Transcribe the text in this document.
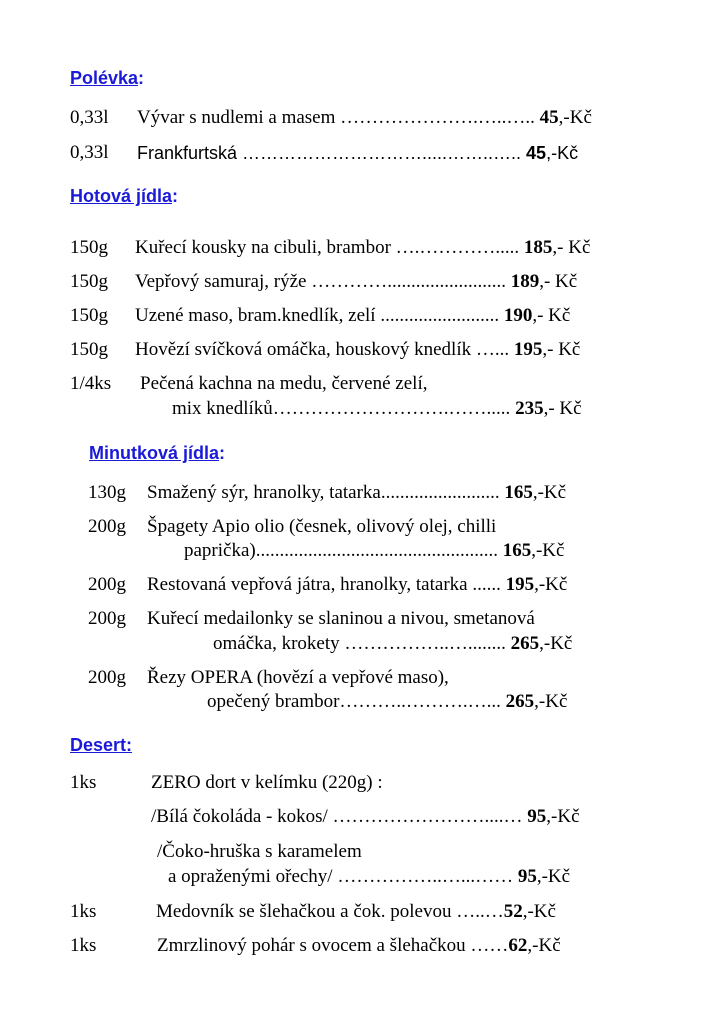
Polévka:
Hotová jídla:
Minutková jídla:
Desert:
0,33l Vývar s nudlemi a masem ………………….…..….. 45,-Kč
0,33l Frankfurtská ………………………….....……..….. 45,-Kč
150g Kuřecí kousky na cibuli, brambor ….…………..... 185,- Kč
150g Vepřový samuraj, rýže …………......................... 189,- Kč
150g Uzené maso, bram.knedlík, zelí ......................... 190,- Kč
150g Hovězí svíčková omáčka, houskový knedlík …... 195,- Kč
1/4ks Pečená kachna na medu, červené zelí,
mix knedlíků……………………….……..... 235,- Kč
130g Smažený sýr, hranolky, tatarka......................... 165,-Kč
200g Špagety Apio olio (česnek, olivový olej, chilli
paprička)................................................... 165,-Kč
200g Restovaná vepřová játra, hranolky, tatarka ...... 195,-Kč
200g Kuřecí medailonky se slaninou a nivou, smetanová
omáčka, krokety ……………..…........ 265,-Kč
200g Řezy OPERA (hovězí a vepřové maso),
opečený brambor………..……….…... 265,-Kč
1ks	ZERO dort v kelímku (220g) :
/Bílá čokoláda - kokos/ ……………………....… 95,-Kč
/Čoko-hruška s karamelem
a opraženými ořechy/ ……………..…...…… 95,-Kč
1ks	Medovník se šlehačkou a čok. polevou …..…52,-Kč
1ks	Zmrzlinový pohár s ovocem a šlehačkou ……62,-Kč
